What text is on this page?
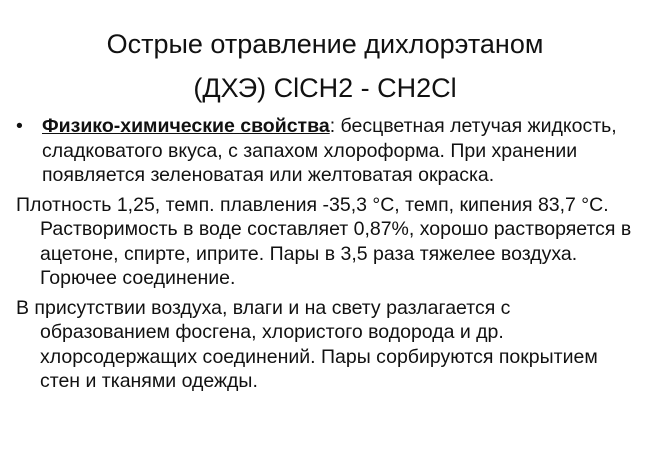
Острые отравление дихлорэтаном
(ДХЭ) ClCH2 - CH2Cl

• Физико-химические свойства: бесцветная летучая жидкость, сладковатого вкуса, с запахом хлороформа. При хранении появляется зеленоватая или желтоватая окраска.

Плотность 1,25, темп. плавления -35,3 °С, темп, кипения 83,7 °С. Растворимость в воде составляет 0,87%, хорошо растворяется в ацетоне, спирте, иприте. Пары в 3,5 раза тяжелее воздуха. Горючее соединение.

В присутствии воздуха, влаги и на свету разлагается с образованием фосгена, хлористого водорода и др. хлорсодержащих соединений. Пары сорбируются покрытием стен и тканями одежды.
